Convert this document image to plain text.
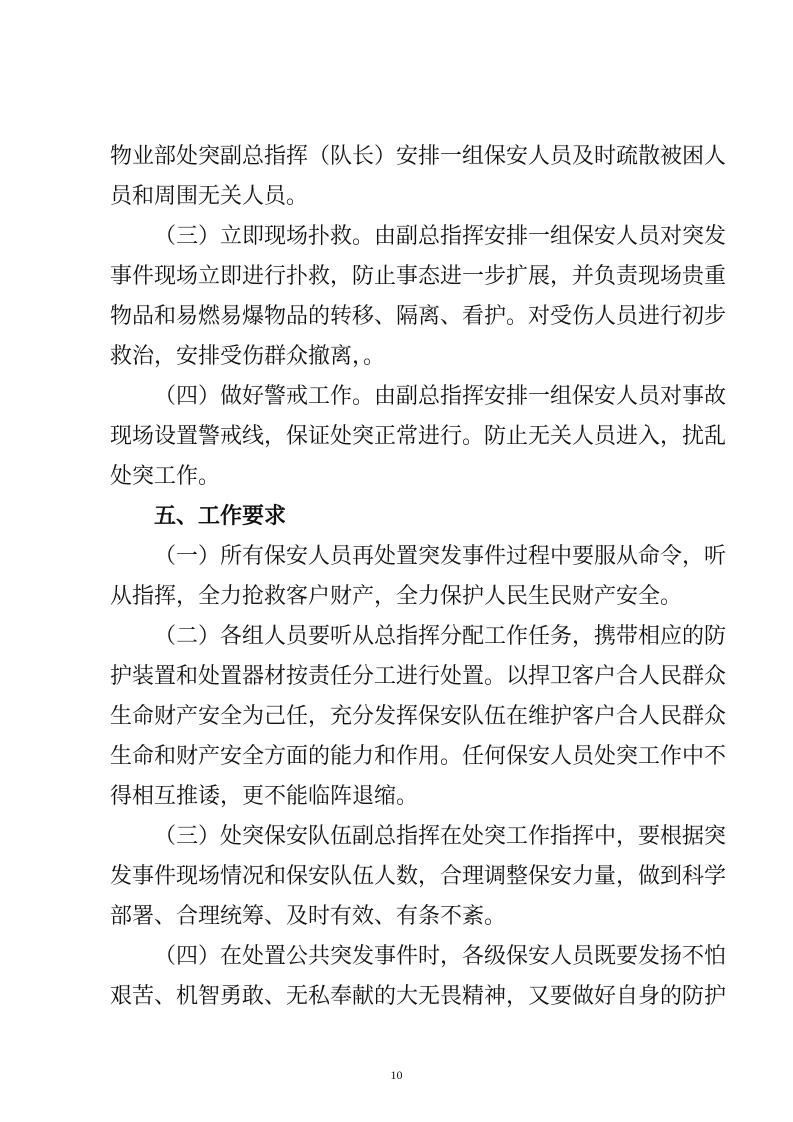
物业部处突副总指挥（队长）安排一组保安人员及时疏散被困人

员和周围无关人员。

（三）立即现场扑救。由副总指挥安排一组保安人员对突发

事件现场立即进行扑救，防止事态进一步扩展，并负责现场贵重

物品和易燃易爆物品的转移、隔离、看护。对受伤人员进行初步

救治，安排受伤群众撤离，。

（四）做好警戒工作。由副总指挥安排一组保安人员对事故

现场设置警戒线，保证处突正常进行。防止无关人员进入，扰乱

处突工作。

五、工作要求

（一）所有保安人员再处置突发事件过程中要服从命令，听

从指挥，全力抢救客户财产，全力保护人民生民财产安全。

（二）各组人员要听从总指挥分配工作任务，携带相应的防

护装置和处置器材按责任分工进行处置。以捍卫客户合人民群众

生命财产安全为己任，充分发挥保安队伍在维护客户合人民群众

生命和财产安全方面的能力和作用。任何保安人员处突工作中不

得相互推诿，更不能临阵退缩。

（三）处突保安队伍副总指挥在处突工作指挥中，要根据突

发事件现场情况和保安队伍人数，合理调整保安力量，做到科学

部署、合理统筹、及时有效、有条不紊。

（四）在处置公共突发事件时，各级保安人员既要发扬不怕

艰苦、机智勇敢、无私奉献的大无畏精神，又要做好自身的防护

10
